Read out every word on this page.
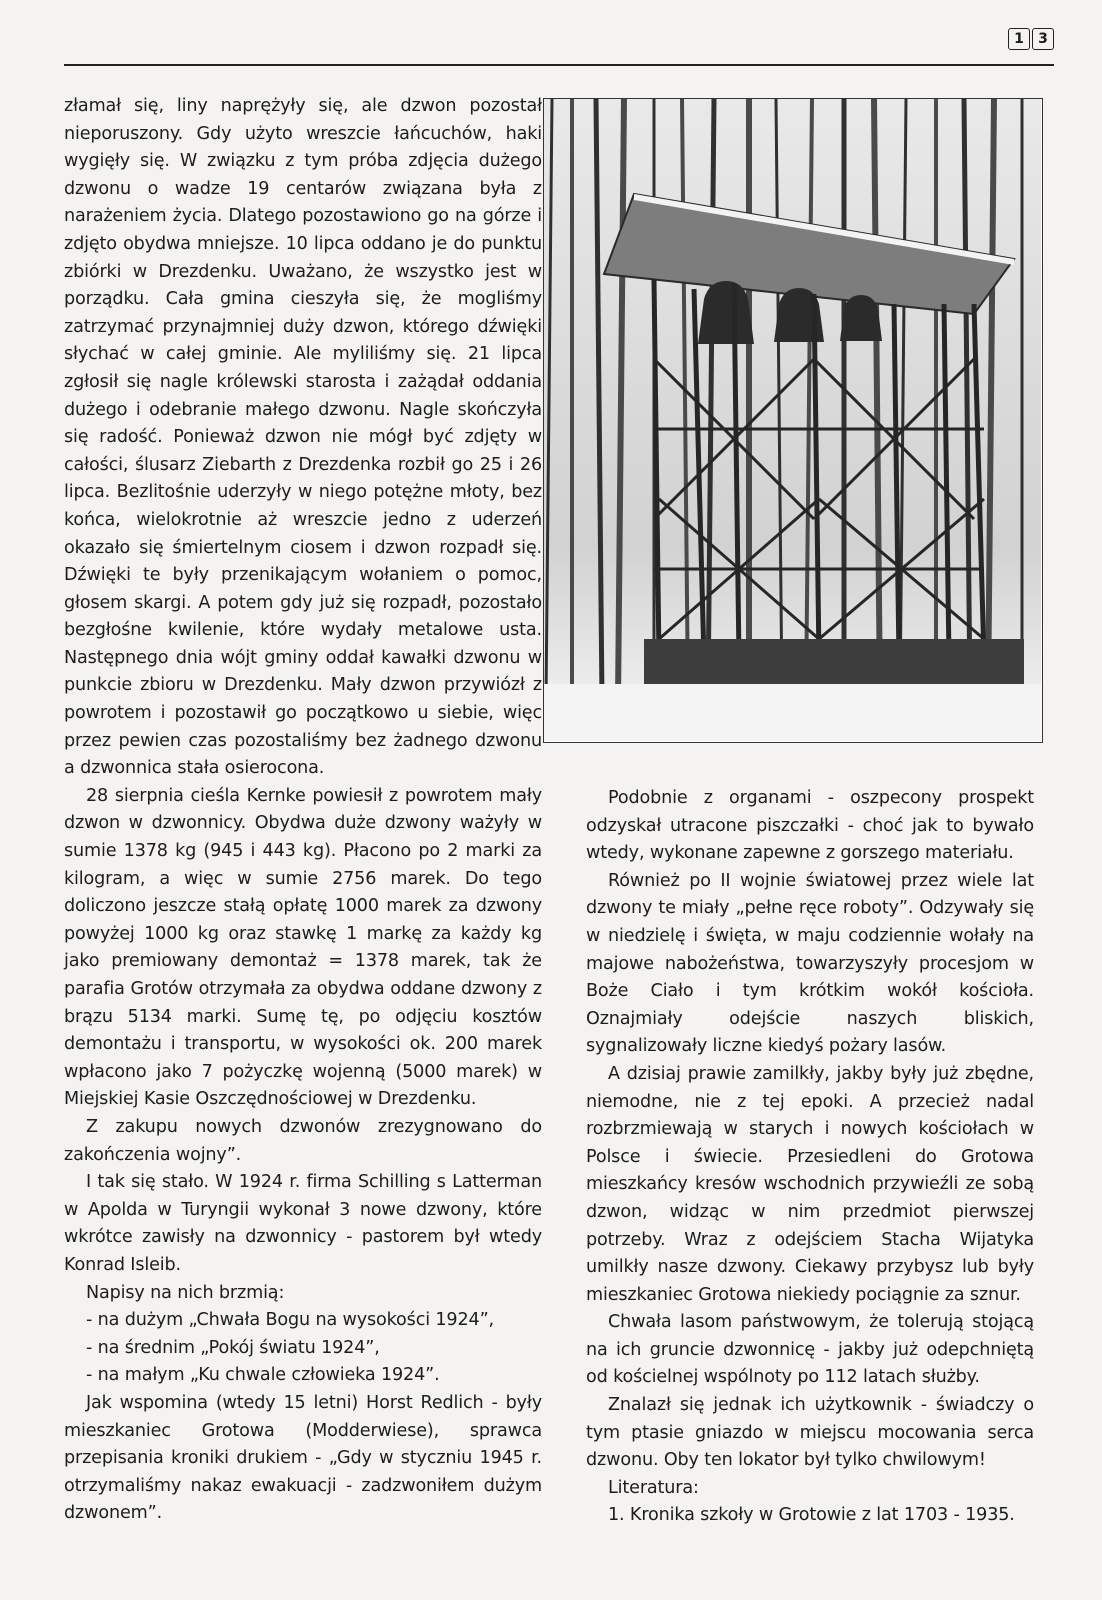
1	3

złamał się, liny naprężyły się, ale dzwon pozostał nieporuszony. Gdy użyto wreszcie łańcuchów, haki wygięły się. W związku z tym próba zdjęcia dużego dzwonu o wadze 19 centarów związana była z narażeniem życia. Dlatego pozostawiono go na górze i zdjęto obydwa mniejsze. 10 lipca oddano je do punktu zbiórki w Drezdenku. Uważano, że wszystko jest w porządku. Cała gmina cieszyła się, że mogliśmy zatrzymać przynajmniej duży dzwon, którego dźwięki słychać w całej gminie. Ale myliliśmy się. 21 lipca zgłosił się nagle królewski starosta i zażądał oddania dużego i odebranie małego dzwonu. Nagle skończyła się radość. Ponieważ dzwon nie mógł być zdjęty w całości, ślusarz Ziebarth z Drezdenka rozbił go 25 i 26 lipca. Bezlitośnie uderzyły w niego potężne młoty, bez końca, wielokrotnie aż wreszcie jedno z uderzeń okazało się śmiertelnym ciosem i dzwon rozpadł się. Dźwięki te były przenikającym wołaniem o pomoc, głosem skargi. A potem gdy już się rozpadł, pozostało bezgłośne kwilenie, które wydały metalowe usta. Następnego dnia wójt gminy oddał kawałki dzwonu w punkcie zbioru w Drezdenku. Mały dzwon przywiózł z powrotem i pozostawił go początkowo u siebie, więc przez pewien czas pozostaliśmy bez żadnego dzwonu a dzwonnica stała osierocona.

28 sierpnia cieśla Kernke powiesił z powrotem mały dzwon w dzwonnicy. Obydwa duże dzwony ważyły w sumie 1378 kg (945 i 443 kg). Płacono po 2 marki za kilogram, a więc w sumie 2756 marek. Do tego doliczono jeszcze stałą opłatę 1000 marek za dzwony powyżej 1000 kg oraz stawkę 1 markę za każdy kg jako premiowany demontaż = 1378 marek, tak że parafia Grotów otrzymała za obydwa oddane dzwony z brązu 5134 marki. Sumę tę, po odjęciu kosztów demontażu i transportu, w wysokości ok. 200 marek wpłacono jako 7 pożyczkę wojenną (5000 marek) w Miejskiej Kasie Oszczędnościowej w Drezdenku.

Z zakupu nowych dzwonów zrezygnowano do zakończenia wojny”.

I tak się stało. W 1924 r. firma Schilling s Latterman w Apolda w Turyngii wykonał 3 nowe dzwony, które wkrótce zawisły na dzwonnicy - pastorem był wtedy Konrad Isleib.

Napisy na nich brzmią:

- na dużym „Chwała Bogu na wysokości 1924”,

- na średnim „Pokój światu 1924”,

- na małym „Ku chwale człowieka 1924”.

Jak wspomina (wtedy 15 letni) Horst Redlich - były mieszkaniec Grotowa (Modderwiese), sprawca przepisania kroniki drukiem - „Gdy w styczniu 1945 r. otrzymaliśmy nakaz ewakuacji - zadzwoniłem dużym dzwonem”.

Podobnie z organami - oszpecony prospekt odzyskał utracone piszczałki - choć jak to bywało wtedy, wykonane zapewne z gorszego materiału.

Również po II wojnie światowej przez wiele lat dzwony te miały „pełne ręce roboty”. Odzywały się w niedzielę i święta, w maju codziennie wołały na majowe nabożeństwa, towarzyszyły procesjom w Boże Ciało i tym krótkim wokół kościoła. Oznajmiały odejście naszych bliskich, sygnalizowały liczne kiedyś pożary lasów.

A dzisiaj prawie zamilkły, jakby były już zbędne, niemodne, nie z tej epoki. A przecież nadal rozbrzmiewają w starych i nowych kościołach w Polsce i świecie. Przesiedleni do Grotowa mieszkańcy kresów wschodnich przywieźli ze sobą dzwon, widząc w nim przedmiot pierwszej potrzeby. Wraz z odejściem Stacha Wijatyka umilkły nasze dzwony. Ciekawy przybysz lub były mieszkaniec Grotowa niekiedy pociągnie za sznur.

Chwała lasom państwowym, że tolerują stojącą na ich gruncie dzwonnicę - jakby już odepchniętą od kościelnej wspólnoty po 112 latach służby.

Znalazł się jednak ich użytkownik - świadczy o tym ptasie gniazdo w miejscu mocowania serca dzwonu. Oby ten lokator był tylko chwilowym!

Literatura:

1. Kronika szkoły w Grotowie z lat 1703 - 1935.
